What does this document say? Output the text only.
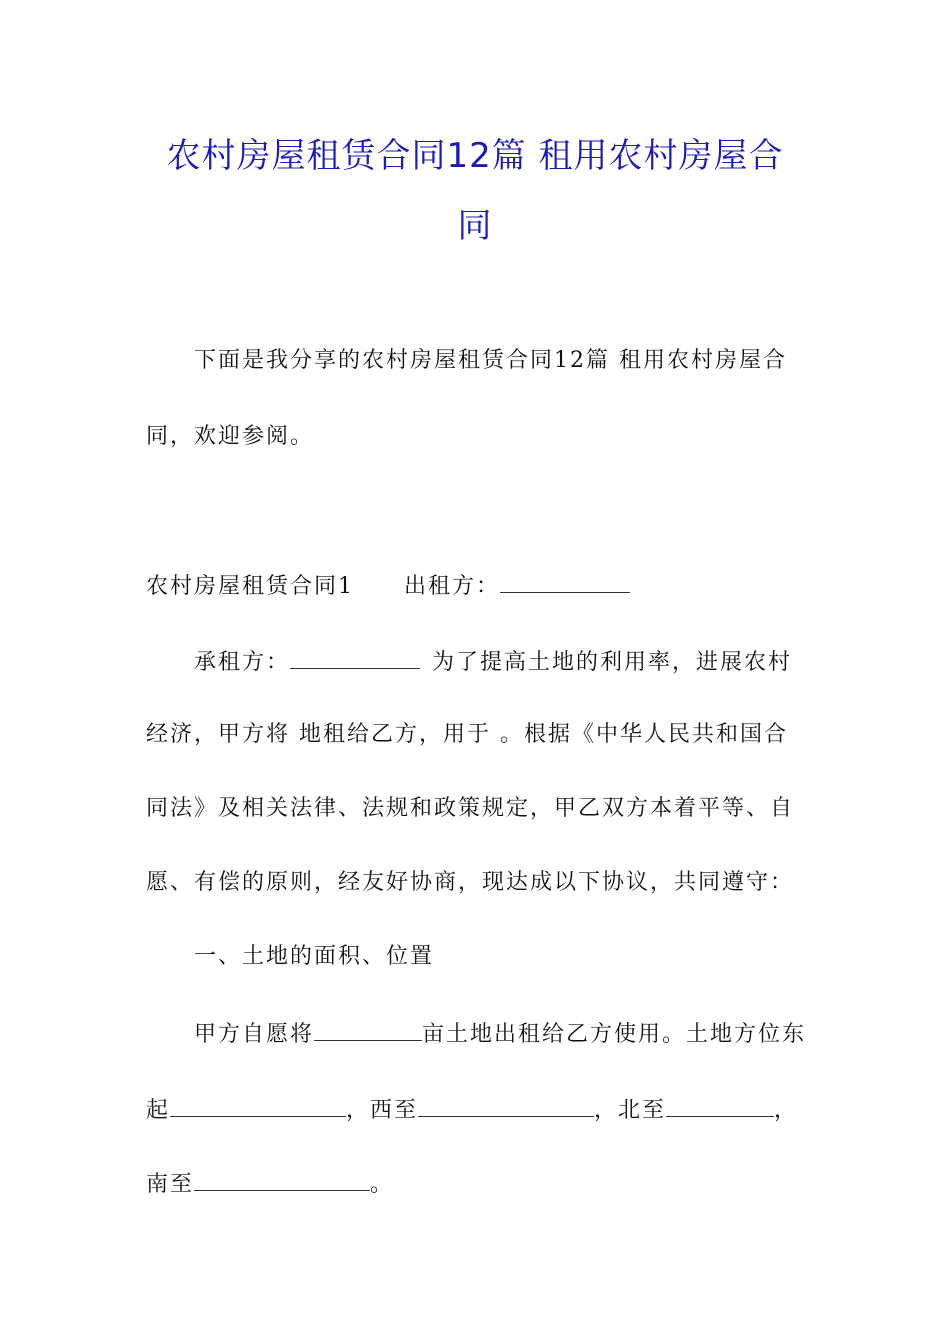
农村房屋租赁合同12篇 租用农村房屋合
同
下面是我分享的农村房屋租赁合同12篇 租用农村房屋合
同，欢迎参阅。
农村房屋租赁合同1 出租方：
承租方：	为了提高土地的利用率，进展农村
经济，甲方将 地租给乙方，用于 。根据《中华人民共和国合
同法》及相关法律、法规和政策规定，甲乙双方本着平等、自
愿、有偿的原则，经友好协商，现达成以下协议，共同遵守：
一、土地的面积、位置
甲方自愿将	亩土地出租给乙方使用。土地方位东
起	，西至	，北至	，
南至	。
